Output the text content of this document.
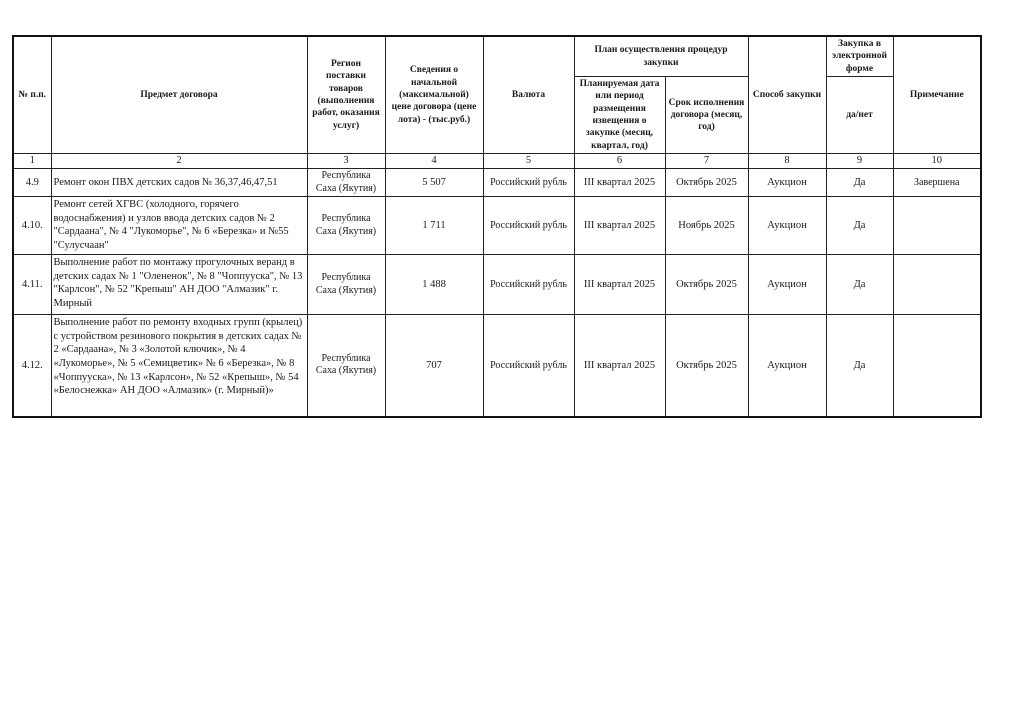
№ п.п.	Предмет договора	Регион поставки товаров (выполнения работ, оказания услуг)	Сведения о начальной (максимальной) цене договора (цене лота) - (тыс.руб.)	Валюта	План осуществления процедур закупки		Способ закупки	Закупка в электронной форме	Примечание
					Планируемая дата или период размещения извещения о закупке (месяц, квартал, год)	Срок исполнения договора (месяц, год)		да/нет	
1	2	3	4	5	6	7	8	9	10
4.9	Ремонт окон ПВХ детских садов № 36,37,46,47,51	Республика Саха (Якутия)	5 507	Российский рубль	III квартал 2025	Октябрь 2025	Аукцион	Да	Завершена
4.10.	Ремонт сетей ХГВС (холодного, горячего водоснабжения) и узлов ввода детских садов № 2 "Сардаана", № 4 "Лукоморье", № 6 «Березка» и №55 "Сулусчаан"	Республика Саха (Якутия)	1 711	Российский рубль	III квартал 2025	Ноябрь 2025	Аукцион	Да	
4.11.	Выполнение работ по монтажу прогулочных веранд в детских садах № 1 "Олененок", № 8 "Чоппууска", № 13 "Карлсон", № 52 "Крепыш" АН ДОО "Алмазик" г. Мирный	Республика Саха (Якутия)	1 488	Российский рубль	III квартал 2025	Октябрь 2025	Аукцион	Да	
4.12.	Выполнение работ по ремонту входных групп (крылец) с устройством резинового покрытия в детских садах № 2 «Сардаана», № 3 «Золотой ключик», № 4 «Лукоморье», № 5 «Семицветик» № 6 «Березка», № 8 «Чоппууска», № 13 «Карлсон», № 52 «Крепыш», № 54 «Белоснежка» АН ДОО «Алмазик» (г. Мирный)»	Республика Саха (Якутия)	707	Российский рубль	III квартал 2025	Октябрь 2025	Аукцион	Да	
